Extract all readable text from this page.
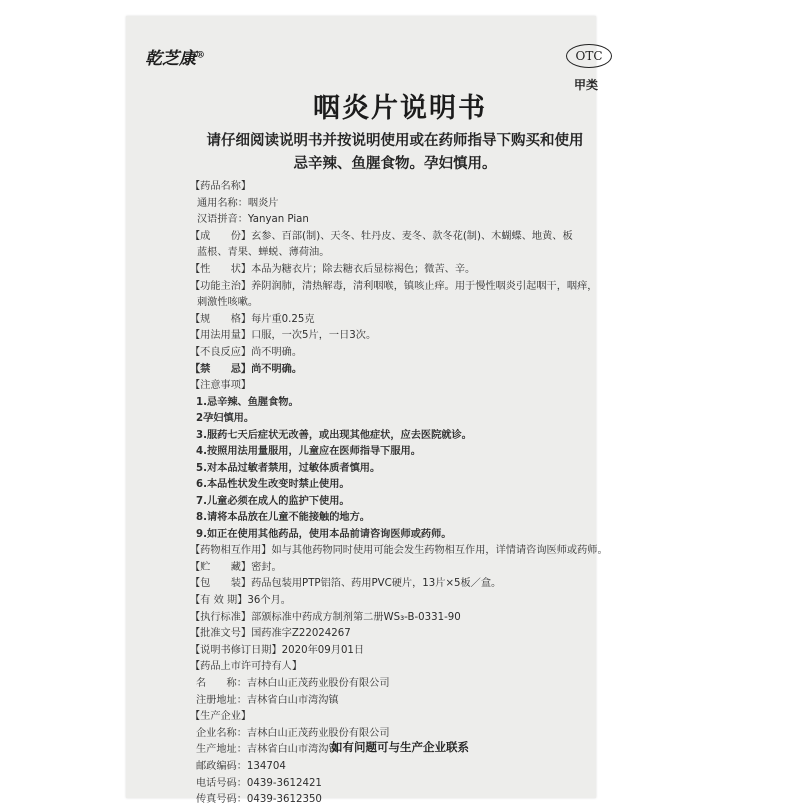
乾芝康®	OTC
甲类
咽炎片说明书
请仔细阅读说明书并按说明使用或在药师指导下购买和使用
忌辛辣、鱼腥食物。孕妇慎用。
【药品名称】
通用名称：咽炎片
汉语拼音：Yanyan Pian
【成　　份】玄参、百部(制)、天冬、牡丹皮、麦冬、款冬花(制)、木蝴蝶、地黄、板
蓝根、青果、蝉蜕、薄荷油。
【性　　状】本品为糖衣片；除去糖衣后显棕褐色；微苦、辛。
【功能主治】养阴润肺，清热解毒，清利咽喉，镇咳止痒。用于慢性咽炎引起咽干，咽痒，
刺激性咳嗽。
【规　　格】每片重0.25克
【用法用量】口服，一次5片，一日3次。
【不良反应】尚不明确。
【禁　　忌】尚不明确。
【注意事项】
1.忌辛辣、鱼腥食物。
2孕妇慎用。
3.服药七天后症状无改善，或出现其他症状，应去医院就诊。
4.按照用法用量服用，儿童应在医师指导下服用。
5.对本品过敏者禁用，过敏体质者慎用。
6.本品性状发生改变时禁止使用。
7.儿童必须在成人的监护下使用。
8.请将本品放在儿童不能接触的地方。
9.如正在使用其他药品，使用本品前请咨询医师或药师。
【药物相互作用】如与其他药物同时使用可能会发生药物相互作用，详情请咨询医师或药师。
【贮　　藏】密封。
【包　　装】药品包装用PTP铝箔、药用PVC硬片，13片×5板／盒。
【有 效 期】36个月。
【执行标准】部颁标准中药成方制剂第二册WS₃-B-0331-90
【批准文号】国药准字Z22024267
【说明书修订日期】2020年09月01日
【药品上市许可持有人】
名　　称：吉林白山正茂药业股份有限公司
注册地址：吉林省白山市湾沟镇
【生产企业】
企业名称：吉林白山正茂药业股份有限公司
生产地址：吉林省白山市湾沟镇
邮政编码：134704
电话号码：0439-3612421
传真号码：0439-3612350
如有问题可与生产企业联系
